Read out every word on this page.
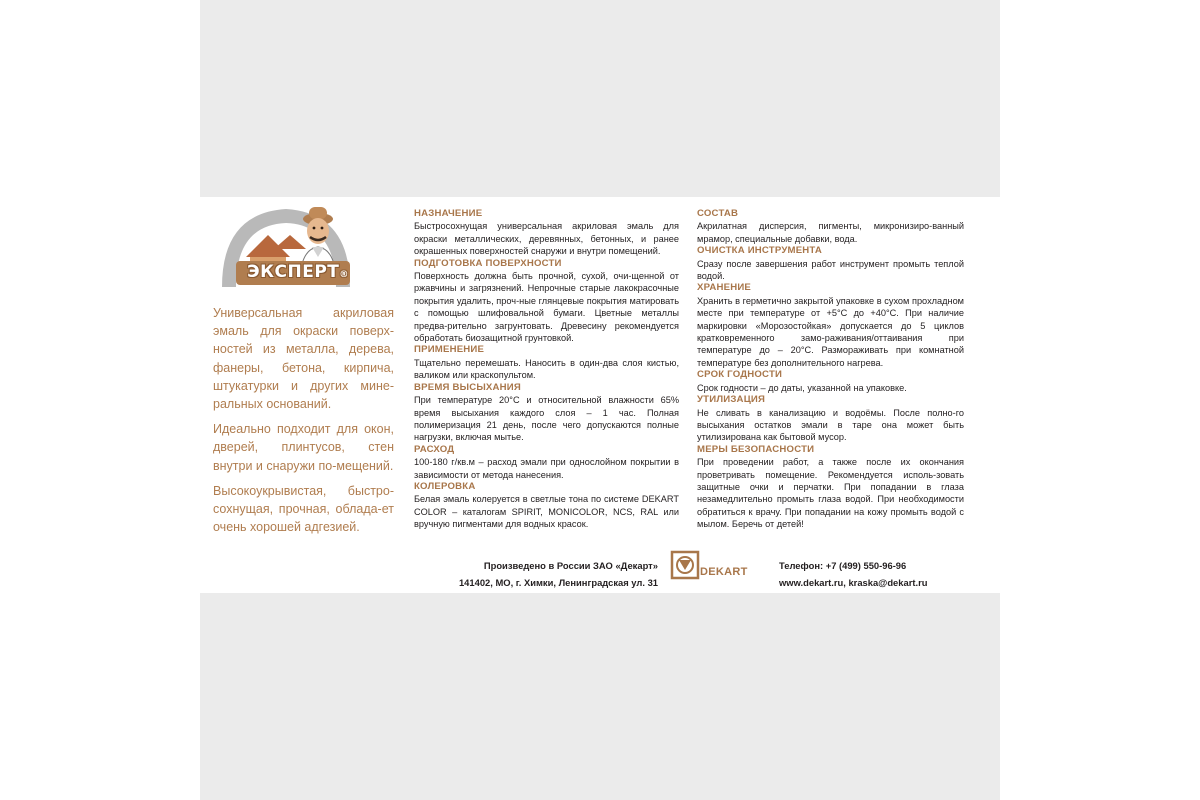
ЭКСПЕРТ®

Универсальная акриловая эмаль для окраски поверх-ностей из металла, дерева, фанеры, бетона, кирпича, штукатурки и других мине-ральных оснований.

Идеально подходит для окон, дверей, плинтусов, стен внутри и снаружи по-мещений.

Высокоукрывистая, быстро-сохнущая, прочная, облада-ет очень хорошей адгезией.

НАЗНАЧЕНИЕ
Быстросохнущая универсальная акриловая эмаль для окраски металлических, деревянных, бетонных, и ранее окрашенных поверхностей снаружи и внутри помещений.
ПОДГОТОВКА ПОВЕРХНОСТИ
Поверхность должна быть прочной, сухой, очи-щенной от ржавчины и загрязнений. Непрочные старые лакокрасочные покрытия удалить, проч-ные глянцевые покрытия матировать с помощью шлифовальной бумаги. Цветные металлы предва-рительно загрунтовать. Древесину рекомендуется обработать биозащитной грунтовкой.
ПРИМЕНЕНИЕ
Тщательно перемешать. Наносить в один-два слоя кистью, валиком или краскопультом.
ВРЕМЯ ВЫСЫХАНИЯ
При температуре 20°С и относительной влажности 65% время высыхания каждого слоя – 1 час. Полная полимеризация 21 день, после чего допускаются полные нагрузки, включая мытье.
РАСХОД
100-180 г/кв.м – расход эмали при однослойном покрытии в зависимости от метода нанесения.
КОЛЕРОВКА
Белая эмаль колеруется в светлые тона по системе DEKART COLOR – каталогам SPIRIT, MONICOLOR, NCS, RAL или вручную пигментами для водных красок.
СОСТАВ
Акрилатная дисперсия, пигменты, микронизиро-ванный мрамор, специальные добавки, вода.
ОЧИСТКА ИНСТРУМЕНТА
Сразу после завершения работ инструмент промыть теплой водой.
ХРАНЕНИЕ
Хранить в герметично закрытой упаковке в сухом прохладном месте при температуре от +5°С до +40°С. При наличие маркировки «Морозостойкая» допускается до 5 циклов кратковременного замо-раживания/оттаивания при температуре до – 20°С. Размораживать при комнатной температуре без дополнительного нагрева.
СРОК ГОДНОСТИ
Срок годности – до даты, указанной на упаковке.
УТИЛИЗАЦИЯ
Не сливать в канализацию и водоёмы. После полно-го высыхания остатков эмали в таре она может быть утилизирована как бытовой мусор.
МЕРЫ БЕЗОПАСНОСТИ
При проведении работ, а также после их окончания проветривать помещение. Рекомендуется исполь-зовать защитные очки и перчатки. При попадании в глаза незамедлительно промыть глаза водой. При необходимости обратиться к врачу. При попадании на кожу промыть водой с мылом. Беречь от детей!
Произведено в России ЗАО «Декарт»
141402, МО, г. Химки, Ленинградская ул. 31
DEKART
Телефон: +7 (499) 550-96-96
www.dekart.ru, kraska@dekart.ru
